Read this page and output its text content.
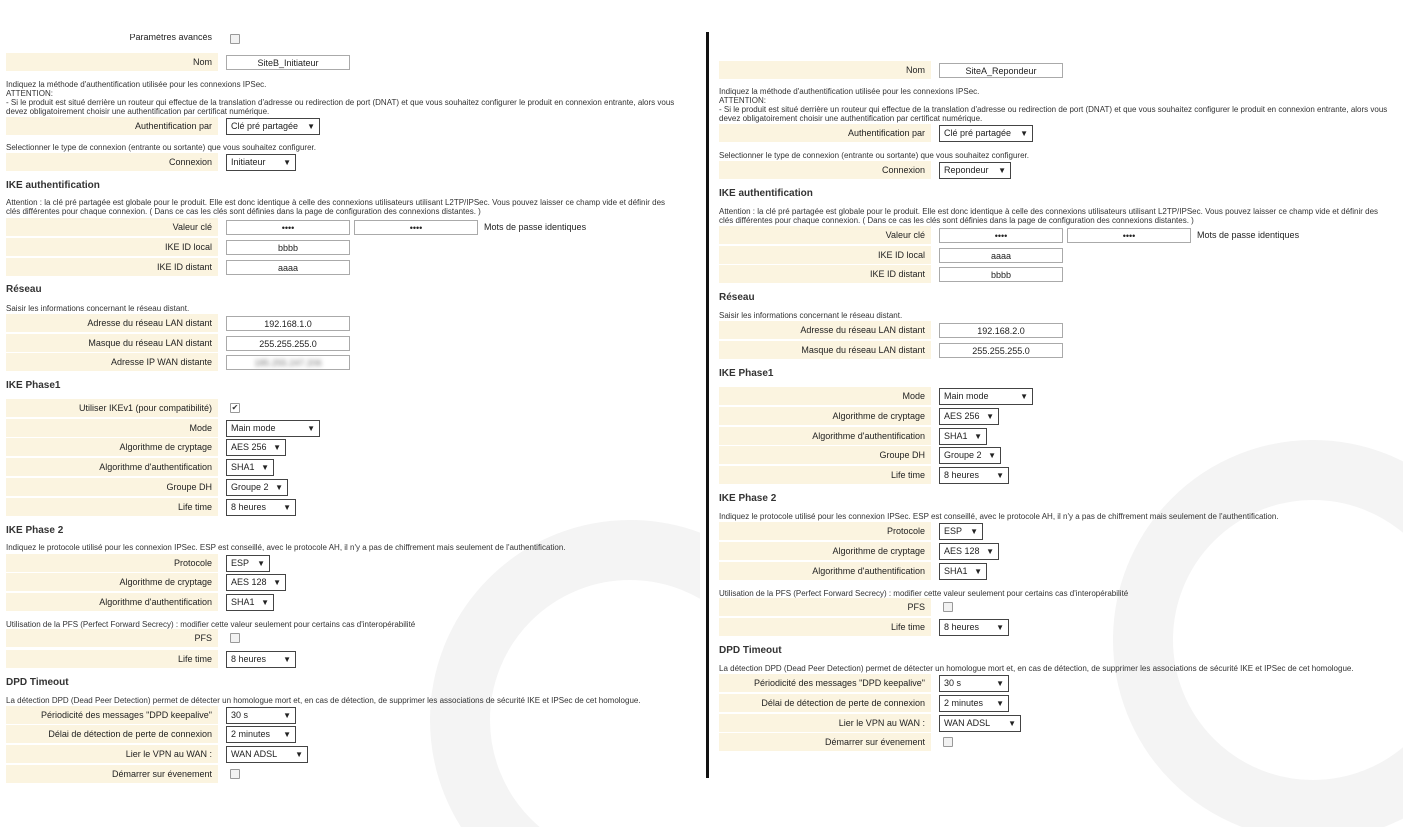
Paramètres avancés
Nom	SiteB_Initiateur
Indiquez la méthode d'authentification utilisée pour les connexions IPSec.
ATTENTION:
- Si le produit est situé derrière un routeur qui effectue de la translation d'adresse ou redirection de port (DNAT) et que vous souhaitez configurer le produit en connexion entrante, alors vous
devez obligatoirement choisir une authentification par certificat numérique.
Authentification par	Clé pré partagée ▼
Selectionner le type de connexion (entrante ou sortante) que vous souhaitez configurer.
Connexion	Initiateur ▼
IKE authentification
Attention : la clé pré partagée est globale pour le produit. Elle est donc identique à celle des connexions utilisateurs utilisant L2TP/IPSec. Vous pouvez laisser ce champ vide et définir des
clés différentes pour chaque connexion. ( Dans ce cas les clés sont définies dans la page de configuration des connexions distantes. )
Valeur clé	••••	••••	Mots de passe identiques
IKE ID local	bbbb
IKE ID distant	aaaa
Réseau
Saisir les informations concernant le réseau distant.
Adresse du réseau LAN distant	192.168.1.0
Masque du réseau LAN distant	255.255.255.0
Adresse IP WAN distante	185.255.247.206
IKE Phase1
Utiliser IKEv1 (pour compatibilité)	✔
Mode	Main mode	▼
Algorithme de cryptage	AES 256 ▼
Algorithme d'authentification	SHA1 ▼
Groupe DH	Groupe 2 ▼
Life time	8 heures ▼
IKE Phase 2
Indiquez le protocole utilisé pour les connexion IPSec. ESP est conseillé, avec le protocole AH, il n'y a pas de chiffrement mais seulement de l'authentification.
Protocole	ESP ▼
Algorithme de cryptage	AES 128 ▼
Algorithme d'authentification	SHA1 ▼
Utilisation de la PFS (Perfect Forward Secrecy) : modifier cette valeur seulement pour certains cas d'interopérabilité
PFS
Life time	8 heures ▼
DPD Timeout
La détection DPD (Dead Peer Detection) permet de détecter un homologue mort et, en cas de détection, de supprimer les associations de sécurité IKE et IPSec de cet homologue.
Périodicité des messages "DPD keepalive"	30 s	▼
Délai de détection de perte de connexion	2 minutes ▼
Lier le VPN au WAN :	WAN ADSL ▼
Démarrer sur évenement
Nom	SiteA_Repondeur
Indiquez la méthode d'authentification utilisée pour les connexions IPSec.
ATTENTION:
- Si le produit est situé derrière un routeur qui effectue de la translation d'adresse ou redirection de port (DNAT) et que vous souhaitez configurer le produit en connexion entrante, alors vous
devez obligatoirement choisir une authentification par certificat numérique.
Authentification par	Clé pré partagée ▼
Selectionner le type de connexion (entrante ou sortante) que vous souhaitez configurer.
Connexion	Repondeur ▼
IKE authentification
Attention : la clé pré partagée est globale pour le produit. Elle est donc identique à celle des connexions utilisateurs utilisant L2TP/IPSec. Vous pouvez laisser ce champ vide et définir des
clés différentes pour chaque connexion. ( Dans ce cas les clés sont définies dans la page de configuration des connexions distantes. )
Valeur clé	••••	••••	Mots de passe identiques
IKE ID local	aaaa
IKE ID distant	bbbb
Réseau
Saisir les informations concernant le réseau distant.
Adresse du réseau LAN distant	192.168.2.0
Masque du réseau LAN distant	255.255.255.0
IKE Phase1
Mode	Main mode	▼
Algorithme de cryptage	AES 256 ▼
Algorithme d'authentification	SHA1 ▼
Groupe DH	Groupe 2 ▼
Life time	8 heures ▼
IKE Phase 2
Indiquez le protocole utilisé pour les connexion IPSec. ESP est conseillé, avec le protocole AH, il n'y a pas de chiffrement mais seulement de l'authentification.
Protocole	ESP ▼
Algorithme de cryptage	AES 128 ▼
Algorithme d'authentification	SHA1 ▼
Utilisation de la PFS (Perfect Forward Secrecy) : modifier cette valeur seulement pour certains cas d'interopérabilité
PFS
Life time	8 heures ▼
DPD Timeout
La détection DPD (Dead Peer Detection) permet de détecter un homologue mort et, en cas de détection, de supprimer les associations de sécurité IKE et IPSec de cet homologue.
Périodicité des messages "DPD keepalive"	30 s	▼
Délai de détection de perte de connexion	2 minutes ▼
Lier le VPN au WAN :	WAN ADSL ▼
Démarrer sur évenement
